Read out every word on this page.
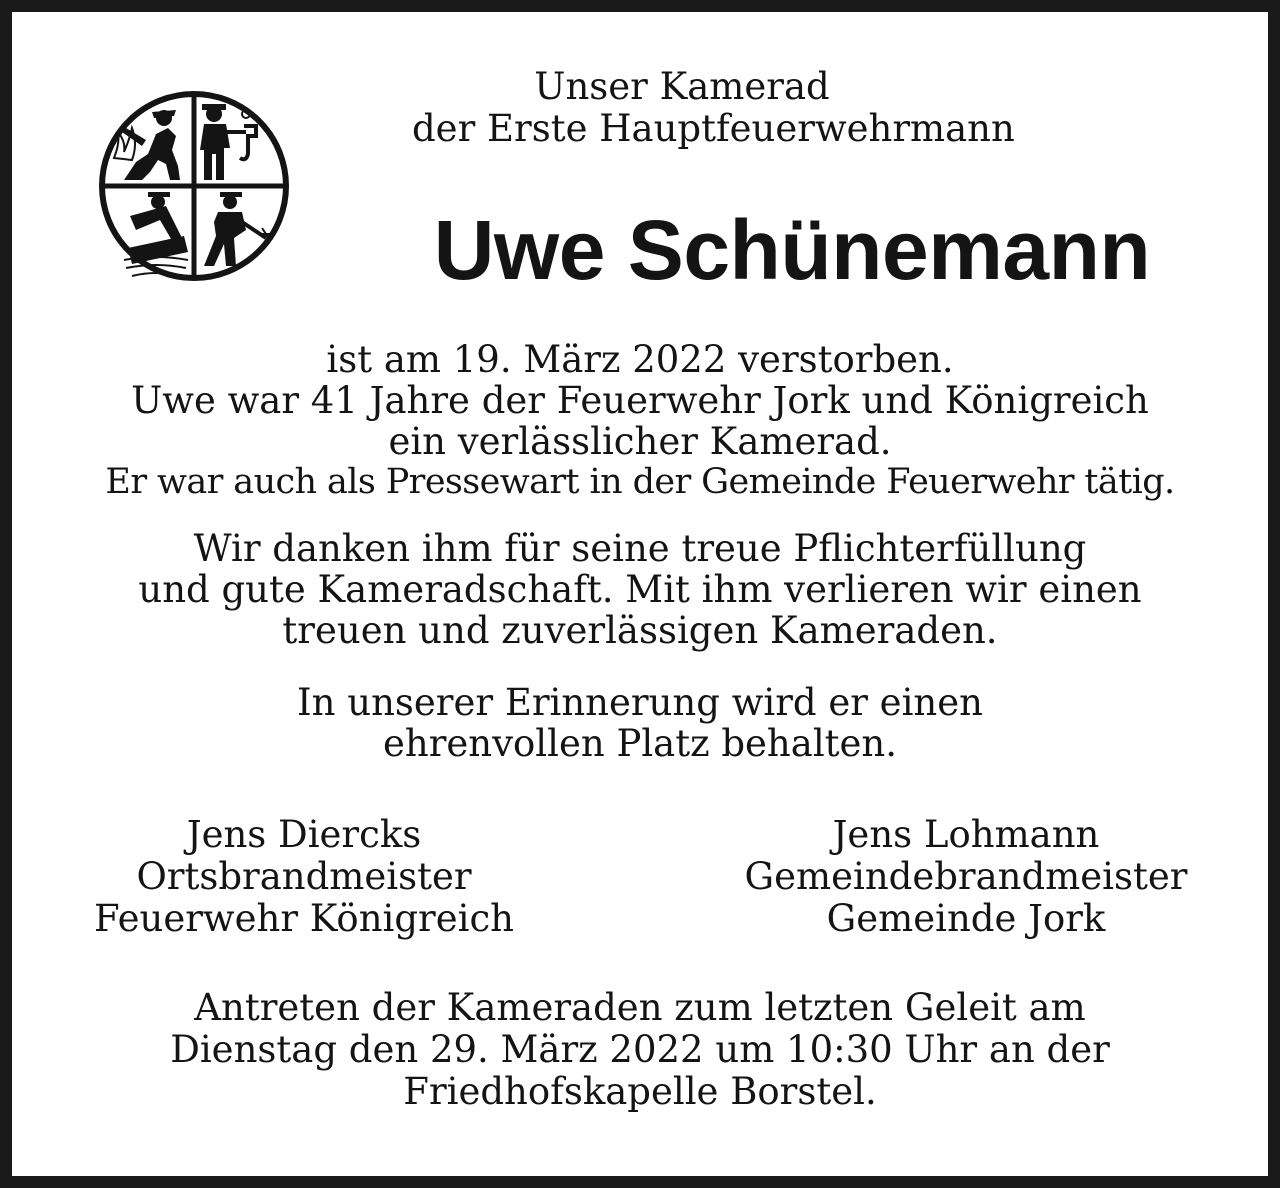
Unser Kamerad
der Erste Hauptfeuerwehrmann
Uwe Schünemann
ist am 19. März 2022 verstorben.
Uwe war 41 Jahre der Feuerwehr Jork und Königreich
ein verlässlicher Kamerad.
Er war auch als Pressewart in der Gemeinde Feuerwehr tätig.
Wir danken ihm für seine treue Pflichterfüllung
und gute Kameradschaft. Mit ihm verlieren wir einen
treuen und zuverlässigen Kameraden.
In unserer Erinnerung wird er einen
ehrenvollen Platz behalten.
Jens Diercks
Ortsbrandmeister
Feuerwehr Königreich
Jens Lohmann
Gemeindebrandmeister
Gemeinde Jork
Antreten der Kameraden zum letzten Geleit am
Dienstag den 29. März 2022 um 10:30 Uhr an der
Friedhofskapelle Borstel.
